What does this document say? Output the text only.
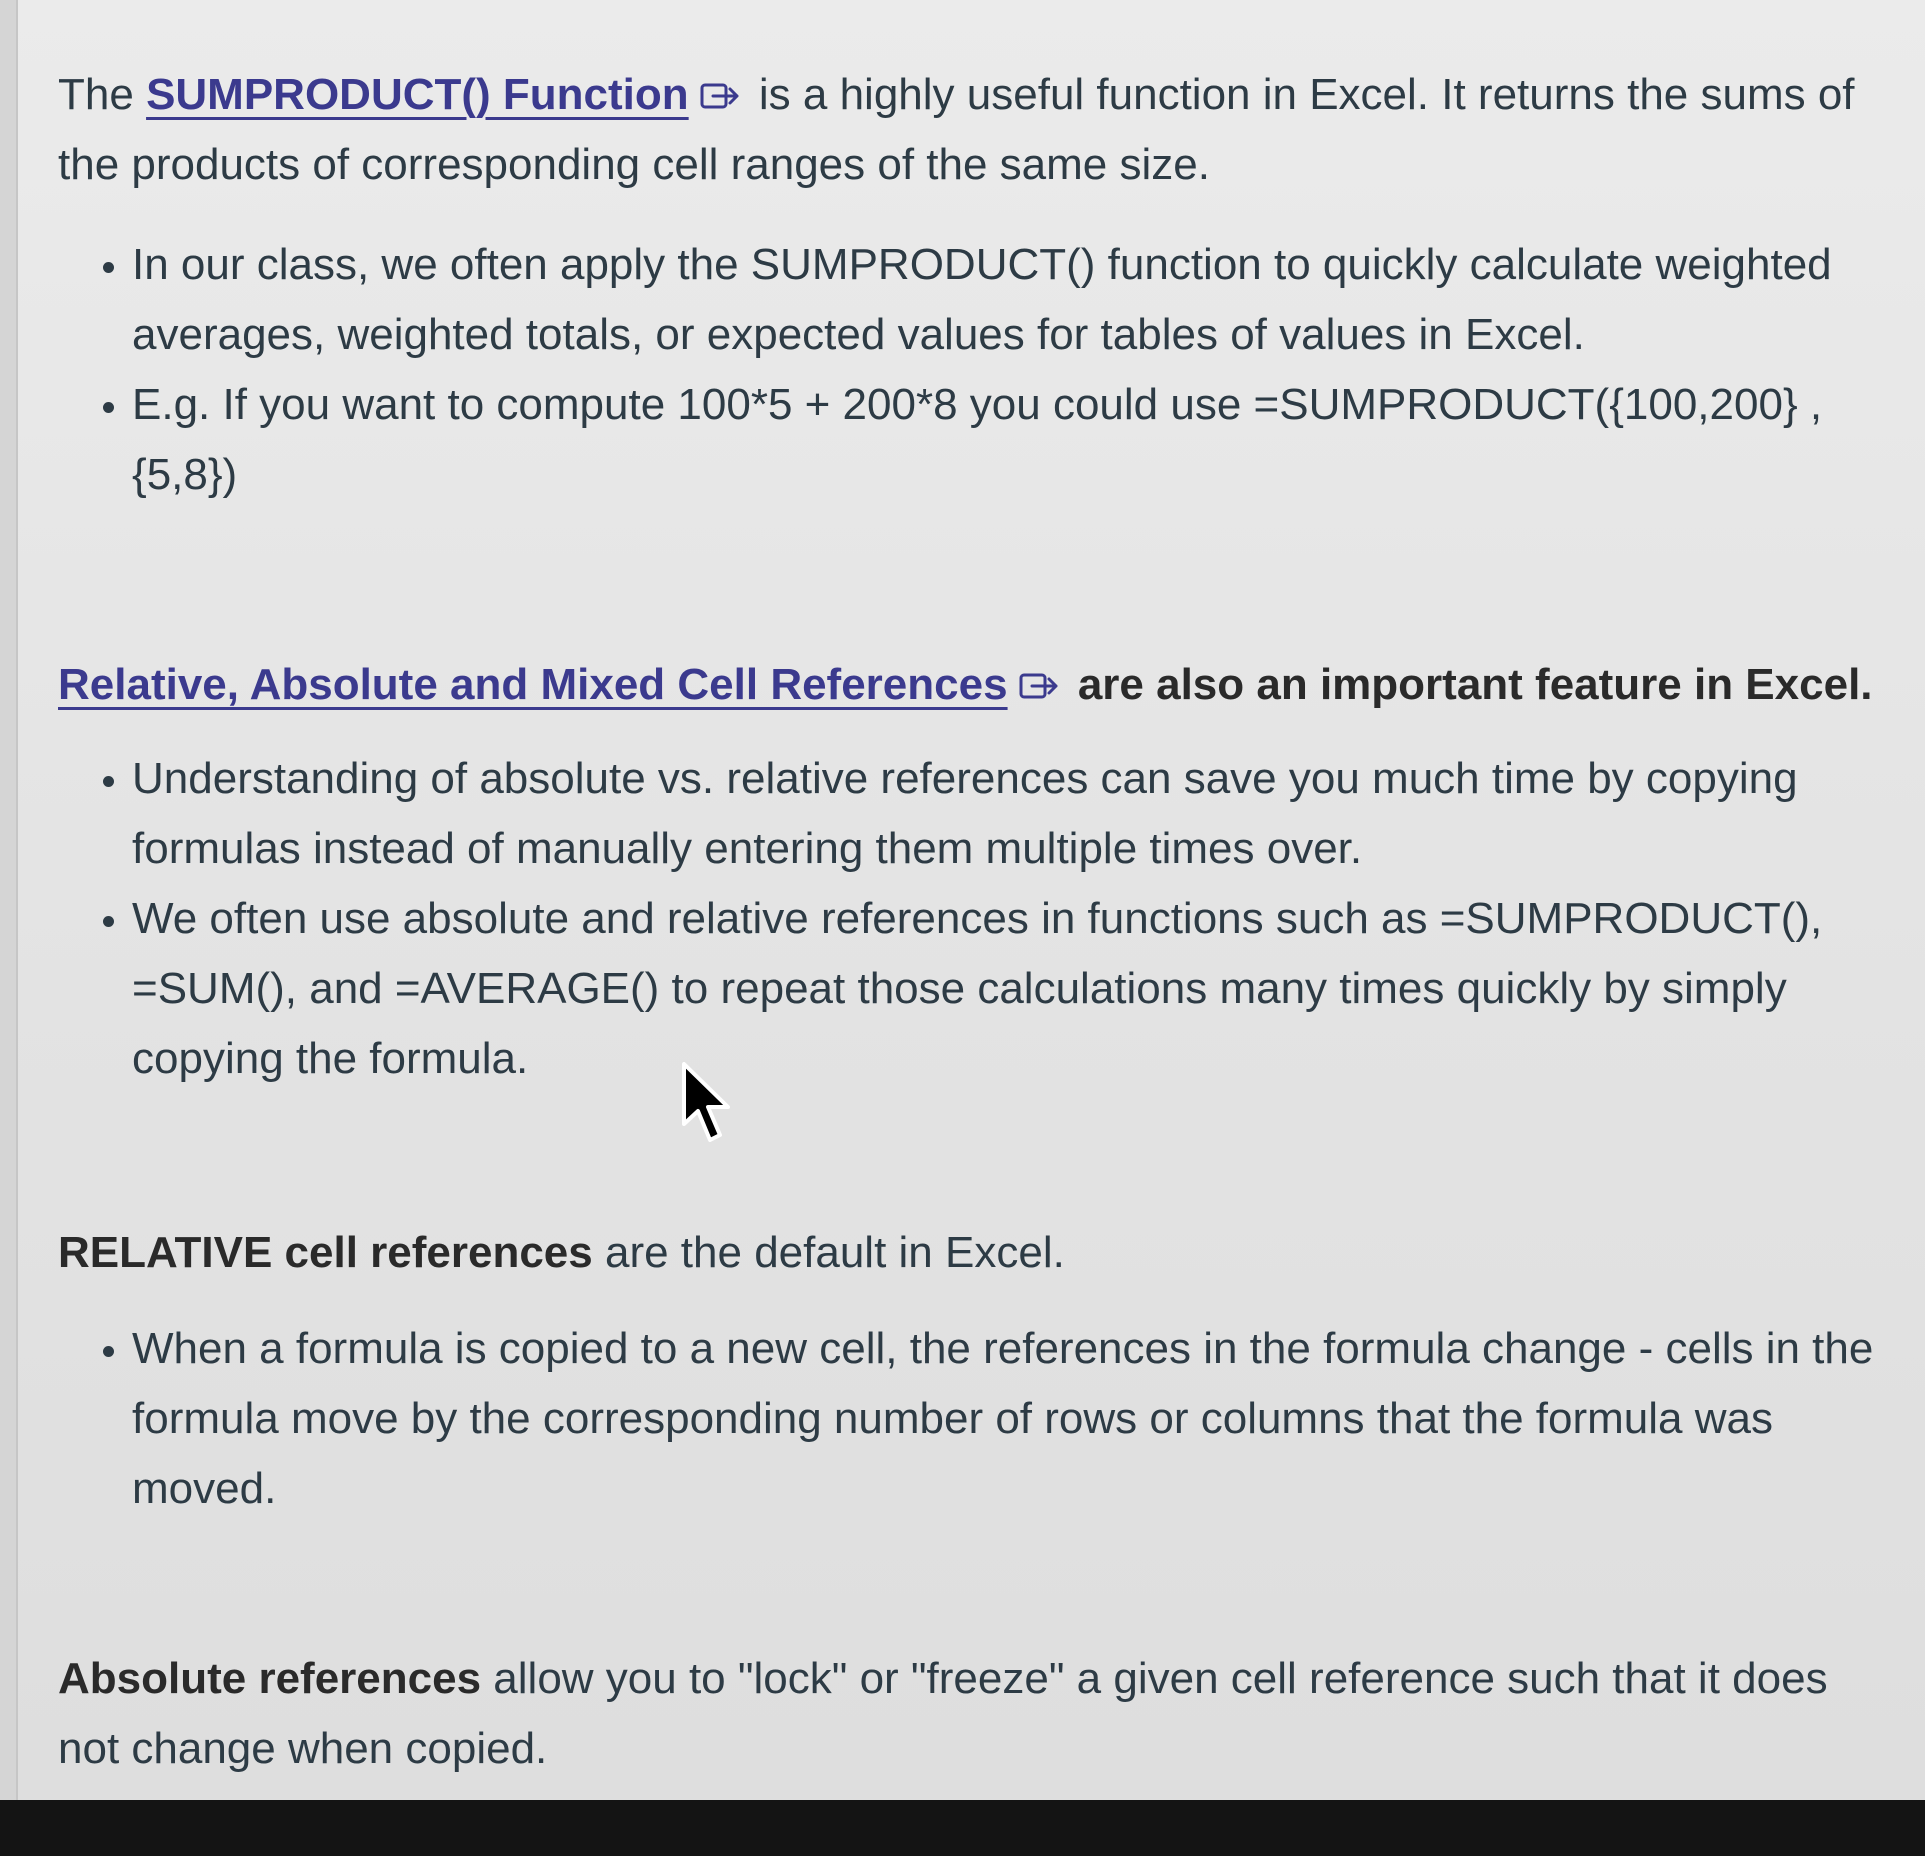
The SUMPRODUCT() Function is a highly useful function in Excel. It returns the sums of the products of corresponding cell ranges of the same size.

• In our class, we often apply the SUMPRODUCT() function to quickly calculate weighted averages, weighted totals, or expected values for tables of values in Excel.
• E.g. If you want to compute 100*5 + 200*8 you could use =SUMPRODUCT({100,200} , {5,8})

Relative, Absolute and Mixed Cell References are also an important feature in Excel.

• Understanding of absolute vs. relative references can save you much time by copying formulas instead of manually entering them multiple times over.
• We often use absolute and relative references in functions such as =SUMPRODUCT(), =SUM(), and =AVERAGE() to repeat those calculations many times quickly by simply copying the formula.

RELATIVE cell references are the default in Excel.

• When a formula is copied to a new cell, the references in the formula change - cells in the formula move by the corresponding number of rows or columns that the formula was moved.

Absolute references allow you to "lock" or "freeze" a given cell reference such that it does not change when copied.
